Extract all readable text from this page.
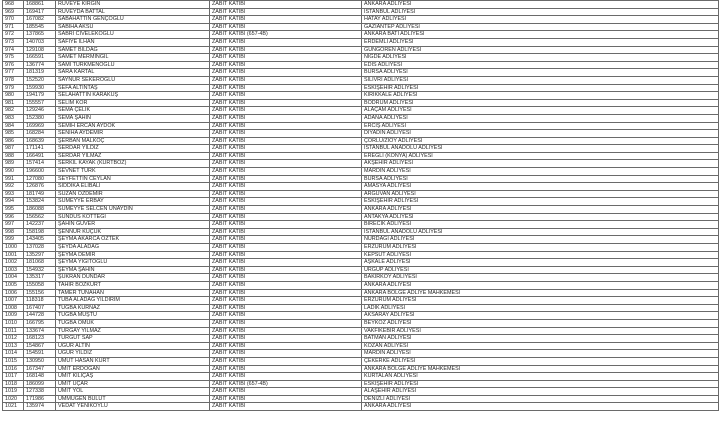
968	168861	RUVEYE KIRGIN	ZABIT KATIBI	ANKARA ADLIYESI
969	169417	RUVEYDA BATTAL	ZABIT KATIBI	ISTANBUL ADLIYESI
970	167082	SABAHATTIN GENÇOĞLU	ZABIT KATIBI	HATAY ADLIYESI
971	185545	SABIHA AKSU	ZABIT KATIBI	GAZIANTEP ADLIYESI
972	137865	SABRI CIVELEKOĞLU	ZABIT KATIBI (657-4B)	ANKARA BATI ADLIYESI
973	140703	SAFIYE ILHAN	ZABIT KATIBI	ERDEMLI ADLIYESI
974	129108	SAMET BİLDAĞ	ZABIT KATIBI	GÜNGÖREN ADLIYESI
975	166591	SAMET MERMINGIL	ZABIT KATIBI	NİĞDE ADLIYESI
976	136774	SAMI TURKMENOĞLU	ZABIT KATIBI	EDIS ADLIYESI
977	181319	SARA KARTAL	ZABIT KATIBI	BURSA ADLIYESI
978	152520	SAYNUR SEKEROĞLU	ZABIT KATIBI	SİLİVRİ ADLIYESI
979	159930	SEFA ALTINTAŞ	ZABIT KATIBI	ESKİŞEHİR ADLIYESI
980	194179	SELAHATTIN KARAKUŞ	ZABIT KATIBI	KIRIKKALE ADLIYESI
981	155557	SELIM KOR	ZABIT KATIBI	BODRUM ADLIYESI
982	129246	SEMA ÇELIK	ZABIT KATIBI	ALAÇAM ADLIYESI
983	152380	SEMA ŞAHIN	ZABIT KATIBI	ADANA ADLIYESI
984	169969	SEMIH ERCAN AYDOK	ZABIT KATIBI	ERCIŞ ADLIYESI
985	168284	SENIHA AYDEMIR	ZABIT KATIBI	DİYADİN ADLIYESI
986	168639	ŞERBAN MALKOÇ	ZABIT KATIBI	ÇORLU/ZİOY ADLIYESI
987	171141	SERDAR YILDIZ	ZABIT KATIBI	ISTANBUL ANADOLU ADLIYESI
988	166491	SERDAR YILMAZ	ZABIT KATIBI	EREĞLİ (KONYA) ADLIYESI
989	157414	SERKİL KAYAK (KURTBOZ)	ZABIT KATIBI	AKŞEHİR ADLIYESI
990	196600	SEVNET TÜRK	ZABIT KATIBI	MARDIN ADLIYESI
991	127080	SEYFETTIN CEYLAN	ZABIT KATIBI	BURSA ADLIYESI
992	126876	SİDDIKA ELİBALI	ZABIT KATIBI	AMASYA ADLIYESI
993	181749	SUZAN ÖZDEMIR	ZABIT KATIBI	ARGUVAN ADLIYESI
994	153824	SÜMEYYE ERBAY	ZABIT KATIBI	ESKİŞEHİR ADLIYESI
995	186088	SÜMEYYE SELCEN ÜNAYDIN	ZABIT KATIBI	ANKARA ADLIYESI
996	156562	SUNDUS KÖTTEGİ	ZABIT KATIBI	ANTAKYA ADLIYESI
997	142237	ŞAHİN GÜVER	ZABIT KATIBI	BİRECİK ADLIYESI
998	158198	ŞENNUR KUÇUK	ZABIT KATIBI	ISTANBUL ANADOLU ADLIYESI
999	143405	ŞEYMA AKARCA ÖZTEK	ZABIT KATIBI	NURDAĞI ADLIYESI
1000	137028	ŞEYDA ALADAĞ	ZABIT KATIBI	ERZURUM ADLIYESI
1001	135297	ŞEYMA DEMIR	ZABIT KATIBI	KEPSUT ADLIYESI
1002	181068	ŞEYMA YİĞİTOĞLU	ZABIT KATIBI	AŞKALE ADLIYESI
1003	154932	ŞEYMA ŞAHIN	ZABIT KATIBI	ÜRGÜP ADLIYESI
1004	135317	ŞÜKRAN DÜNDAR	ZABIT KATIBI	BAKIRKÖY ADLIYESI
1005	155058	TAHİR BOZKURT	ZABIT KATIBI	ANKARA ADLIYESI
1006	155156	TAMER TUNAHAN	ZABIT KATIBI	ANKARA BÖLGE ADLIYE MAHKEMESI
1007	118318	TUBA ALADAĞ YILDIRIM	ZABIT KATIBI	ERZURUM ADLIYESI
1008	167407	TUĞBA KURNAZ	ZABIT KATIBI	LADİK ADLIYESI
1009	144728	TUĞBA MUŞTU	ZABIT KATIBI	AKSARAY ADLIYESI
1010	166795	TUĞBA ÖMÜK	ZABIT KATIBI	BEYKOZ ADLIYESI
1011	133674	TURGAY YILMAZ	ZABIT KATIBI	VAKFIKEBİR ADLIYESI
1012	168123	TURGUT SAP	ZABIT KATIBI	BATMAN ADLIYESI
1013	154867	UĞUR ALTIN	ZABIT KATIBI	KOZAN ADLIYESI
1014	154591	UĞUR YILDIZ	ZABIT KATIBI	MARDIN ADLIYESI
1015	130950	UMUT HASAN KURT	ZABIT KATIBI	ÇEKERKE ADLIYESI
1016	167347	ÜMİT ERDOĞAN	ZABIT KATIBI	ANKARA BÖLGE ADLIYE MAHKEMESI
1017	168148	ÜMİT KILIÇAŞ	ZABIT KATIBI	KURTALAN ADLIYESI
1018	186099	ÜMİT UÇAR	ZABIT KATIBI (657-4B)	ESKİŞEHİR ADLIYESI
1019	127338	ÜMİT YOL	ZABIT KATIBI	ALAŞEHİR ADLIYESI
1020	171986	ÜMMUGEN BULUT	ZABIT KATIBI	DENİZLİ ADLIYESI
1021	135974	VEDAT YENİKÖYLÜ	ZABIT KATIBI	ANKARA ADLIYESI
